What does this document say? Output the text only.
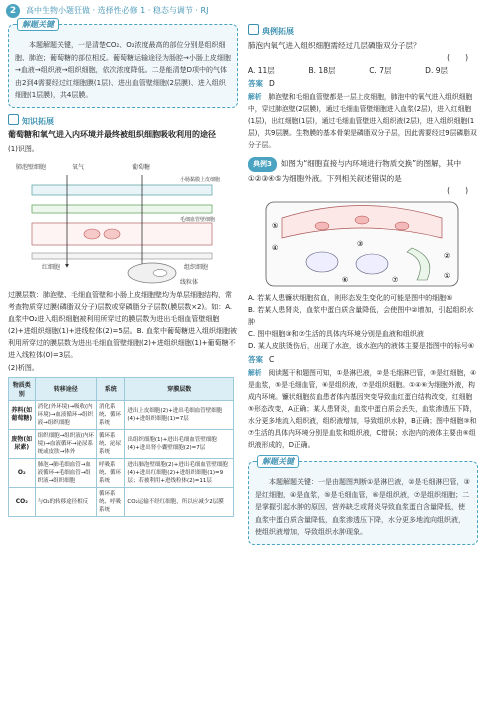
2	高中生物小题狂做 · 选择性必修 1 · 稳态与调节 · RJ
解题关键

本题解题关键，一是清楚CO₂、O₂浓度最高的部位分别是组织细胞、肺泡；葡萄糖的部位相反。葡萄糖运输途径为肠腔→小肠上皮细胞→血液→组织液→组织细胞，依次浓度降低。二是能清楚D项中的气体由2到4需要经过红细胞膜(1层)、进出血管壁细胞(2层膜)、进入组织细胞(1层膜)，共4层膜。

知识拓展
葡萄糖和氧气进入内环境并最终被组织细胞吸收利用的途径
(1)识图。
肺泡壁细胞	氧气	葡萄糖
小肠黏膜上皮细胞
毛细血管壁细胞
红细胞	组织细胞
线粒体

过膜层数：肺泡壁、毛细血管壁和小肠上皮细胞壁均为单层细胞结构，常考查物质穿过膜(磷脂双分子)层数或穿磷脂分子层数(膜层数×2)。如：A. 血浆中O₂进入组织细胞被利用所穿过的膜层数为进出毛细血管壁细胞(2)+进组织细胞(1)+进线粒体(2)=5层。B. 血浆中葡萄糖进入组织细胞被利用所穿过的膜层数为进出毛细血管壁细胞(2)+进组织细胞(1)+葡萄糖不进入线粒体(0)=3层。

(2)析图。
物质类别	转移途径	系统	穿膜层数
养料(如葡萄糖)	消化(外环境)→吸收(内环境)→血液循环→组织液→组织细胞	消化系统、循环系统	进出上皮细胞(2)+进出毛细血管壁细胞(4)+进组织细胞(1)=7层
废物(如尿素)	组织细胞→组织液(内环境)→血液循环→泌尿系统或皮肤→体外	循环系统、泌尿系统	出组织细胞(1)+进出毛细血管壁细胞(4)+进出肾小囊壁细胞(2)=7层
O₂	肺泡→肺毛细血管→血液循环→毛细血管→组织液→组织细胞	呼吸系统、循环系统	进出肺泡壁细胞(2)+进出毛细血管壁细胞(4)+进出红细胞(2)+进组织细胞(1)=9层；若被利用+进线粒体(2)=11层
CO₂	与O₂的转移途径相反	循环系统、呼吸系统	CO₂运输不经红细胞，所以应减少2层膜
典例拓展

肺泡内氧气进入组织细胞需经过几层磷脂双分子层？

(　　)

A. 11层	B. 18层	C. 7层	D. 9层
答案 D

解析　 肺泡壁和毛细血管壁都是一层上皮细胞，肺泡中的氧气进入组织细胞中，穿过肺泡壁(2层膜)，通过毛细血管壁细胞进入血浆(2层)，进入红细胞(1层)，出红细胞(1层)，通过毛细血管壁进入组织液(2层)，进入组织细胞(1层)，共9层膜。生物膜的基本骨架是磷脂双分子层，因此需要经过9层磷脂双分子层。

典例3 如图为“细胞直接与内环境进行物质交换”的图解，其中①②③④⑤为细胞外液。下列相关叙述错误的是

(　　)

⑤
④	③
⑥	⑦
②
①

A. 若某人患镰状细胞贫血，则形态发生变化的可能是图中的细胞⑤

B. 若某人患肾炎，血浆中蛋白质含量降低，会使图中②增加，引起组织水肿

C. 图中细胞③和⑦生活的具体内环境分别是血液和组织液

D. 某人皮肤烫伤后，出现了水泡，该水泡内的液体主要是指图中的标号⑥

答案 C

解析　 阅读题干和题图可知，①是淋巴液，②是毛细淋巴管，③是红细胞，④是血浆，⑤是毛细血管，⑥是组织液，⑦是组织细胞。①④⑥为细胞外液，构成内环境。镰状细胞贫血患者体内基因突变导致血红蛋白结构改变，红细胞⑤形态改变，A正确；某人患肾炎，血浆中蛋白质会丢失，血浆渗透压下降，水分更多地流入组织液，组织液增加，导致组织水肿，B正确；图中细胞③和⑦生活的具体内环境分别是血浆和组织液，C错误；水泡内的液体主要由⑥组织液形成的，D正确。

解题关键

本题解题关键：一是由题图判断①是淋巴液，②是毛细淋巴管，③是红细胞，④是血浆，⑤是毛细血管，⑥是组织液，⑦是组织细胞；二是掌握引起水肿的原因，营养缺乏或肾炎导致血浆蛋白含量降低，使血浆中蛋白质含量降低，血浆渗透压下降，水分更多地流向组织液，使组织液增加，导致组织水肿现象。
